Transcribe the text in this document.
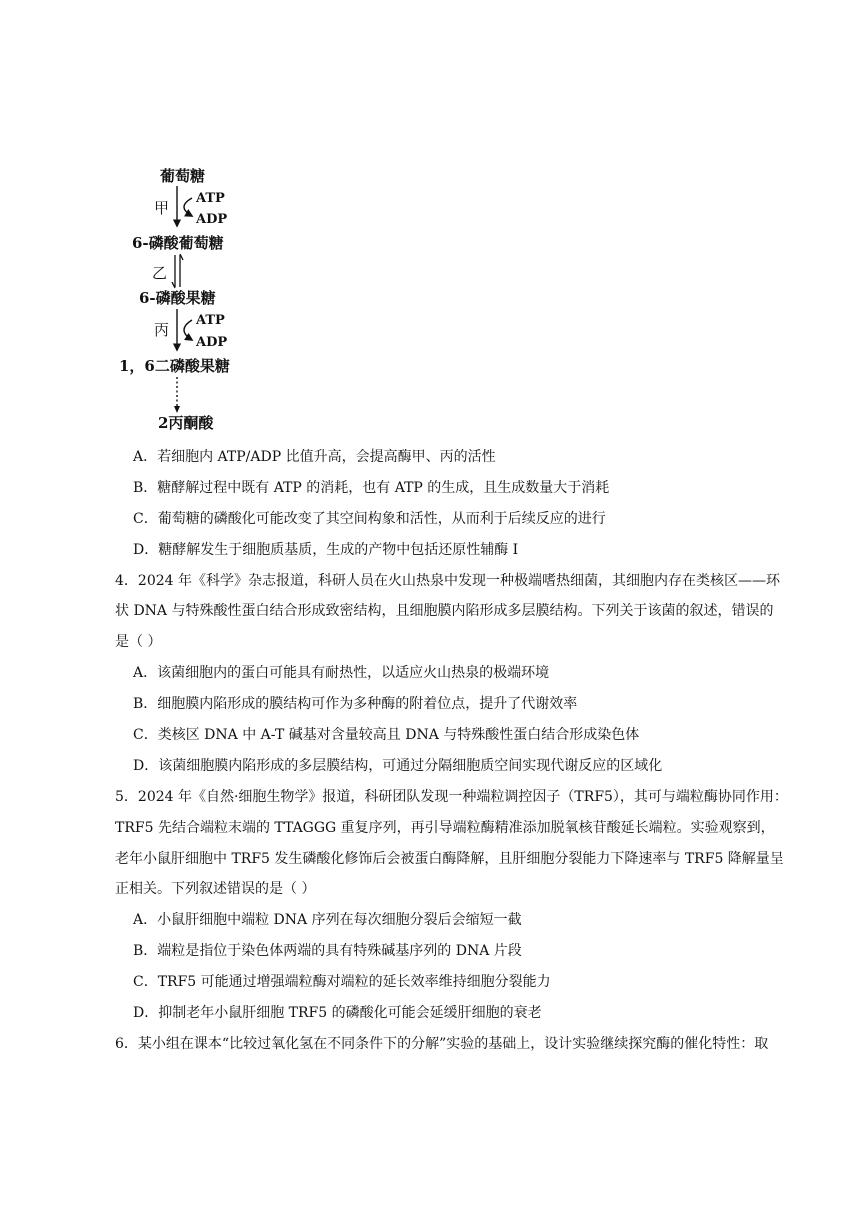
葡萄糖
甲
ATP
ADP
6-磷酸葡萄糖
乙
6-磷酸果糖
丙
ATP
ADP
1，6二磷酸果糖
2丙酮酸
A．若细胞内 ATP/ADP 比值升高，会提高酶甲、丙的活性
B．糖酵解过程中既有 ATP 的消耗，也有 ATP 的生成，且生成数量大于消耗
C．葡萄糖的磷酸化可能改变了其空间构象和活性，从而利于后续反应的进行
D．糖酵解发生于细胞质基质，生成的产物中包括还原性辅酶 I
4．2024 年《科学》杂志报道，科研人员在火山热泉中发现一种极端嗜热细菌，其细胞内存在类核区——环
状 DNA 与特殊酸性蛋白结合形成致密结构，且细胞膜内陷形成多层膜结构。下列关于该菌的叙述，错误的
是（ ）
A．该菌细胞内的蛋白可能具有耐热性，以适应火山热泉的极端环境
B．细胞膜内陷形成的膜结构可作为多种酶的附着位点，提升了代谢效率
C．类核区 DNA 中 A-T 碱基对含量较高且 DNA 与特殊酸性蛋白结合形成染色体
D．该菌细胞膜内陷形成的多层膜结构，可通过分隔细胞质空间实现代谢反应的区域化
5．2024 年《自然·细胞生物学》报道，科研团队发现一种端粒调控因子（TRF5），其可与端粒酶协同作用：
TRF5 先结合端粒末端的 TTAGGG 重复序列，再引导端粒酶精准添加脱氧核苷酸延长端粒。实验观察到，
老年小鼠肝细胞中 TRF5 发生磷酸化修饰后会被蛋白酶降解，且肝细胞分裂能力下降速率与 TRF5 降解量呈
正相关。下列叙述错误的是（ ）
A．小鼠肝细胞中端粒 DNA 序列在每次细胞分裂后会缩短一截
B．端粒是指位于染色体两端的具有特殊碱基序列的 DNA 片段
C．TRF5 可能通过增强端粒酶对端粒的延长效率维持细胞分裂能力
D．抑制老年小鼠肝细胞 TRF5 的磷酸化可能会延缓肝细胞的衰老
6．某小组在课本“比较过氧化氢在不同条件下的分解”实验的基础上，设计实验继续探究酶的催化特性：取
